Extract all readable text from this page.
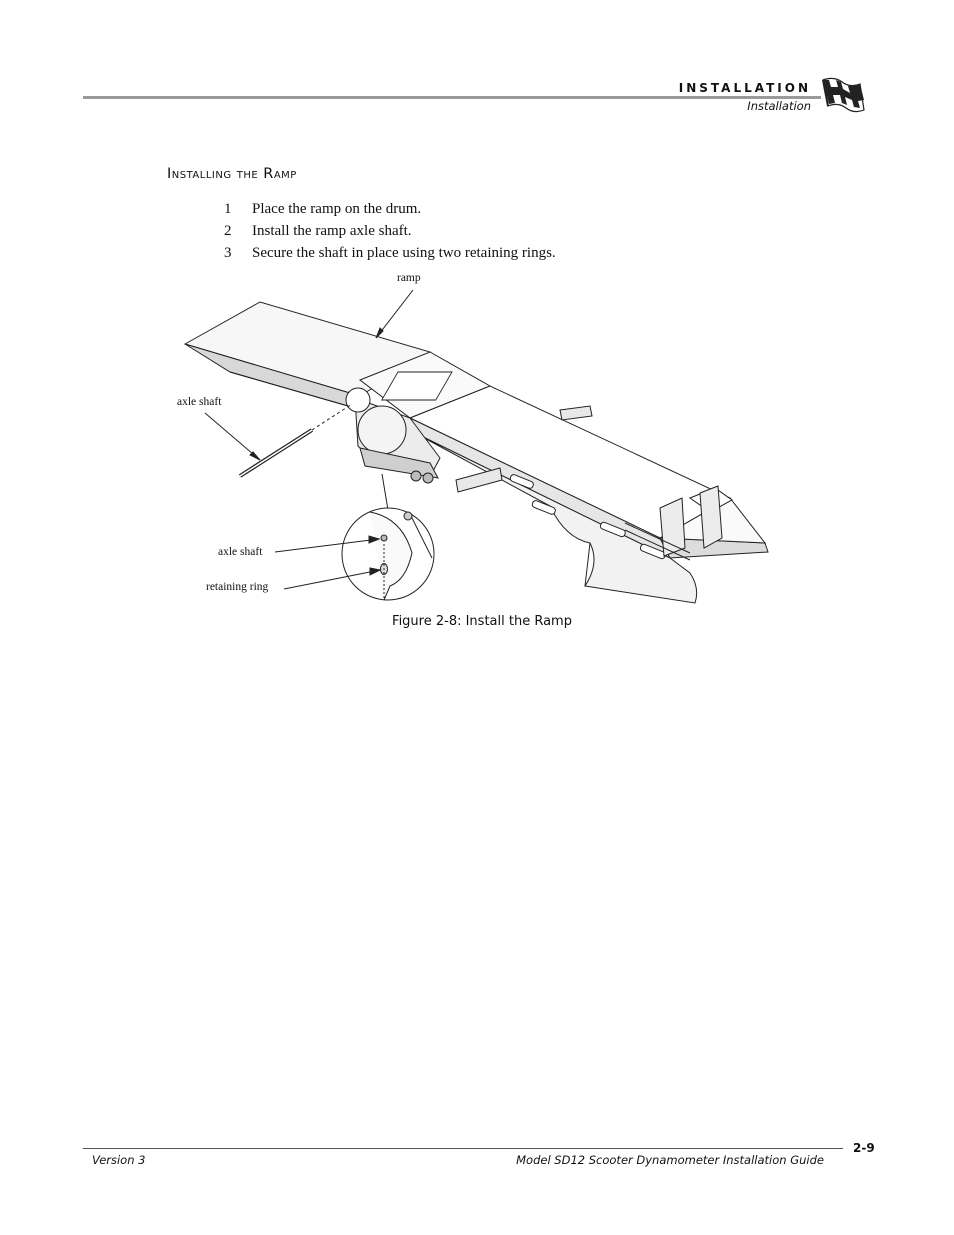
INSTALLATION
Installation
Installing the Ramp
1 Place the ramp on the drum.
2 Install the ramp axle shaft.
3 Secure the shaft in place using two retaining rings.
ramp
axle shaft
axle shaft
retaining ring
Figure 2-8: Install the Ramp
Version 3	Model SD12 Scooter Dynamometer Installation Guide
2-9
